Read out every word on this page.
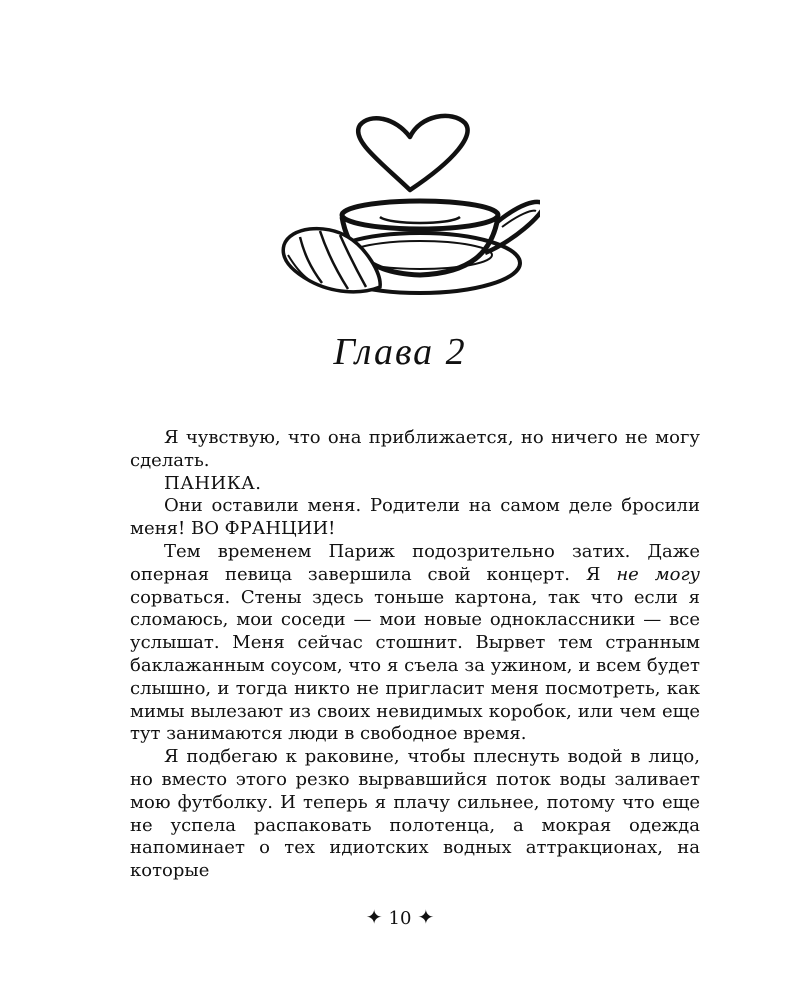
Глава 2

Я чувствую, что она приближается, но ничего не могу сделать.

ПАНИКА.

Они оставили меня. Родители на самом деле бросили меня! ВО ФРАНЦИИ!

Тем временем Париж подозрительно затих. Даже оперная певица завершила свой концерт. Я не могу сорваться. Стены здесь тоньше картона, так что если я сломаюсь, мои соседи — мои новые одноклассники — все услышат. Меня сейчас стошнит. Вырвет тем странным баклажанным соусом, что я съела за ужином, и всем будет слышно, и тогда никто не пригласит меня посмотреть, как мимы вылезают из своих невидимых коробок, или чем еще тут занимаются люди в свободное время.

Я подбегаю к раковине, чтобы плеснуть водой в лицо, но вместо этого резко вырвавшийся поток воды заливает мою футболку. И теперь я плачу сильнее, потому что еще не успела распаковать полотенца, а мокрая одежда напоминает о тех идиотских водных аттракционах, на которые

✦ 10 ✦
